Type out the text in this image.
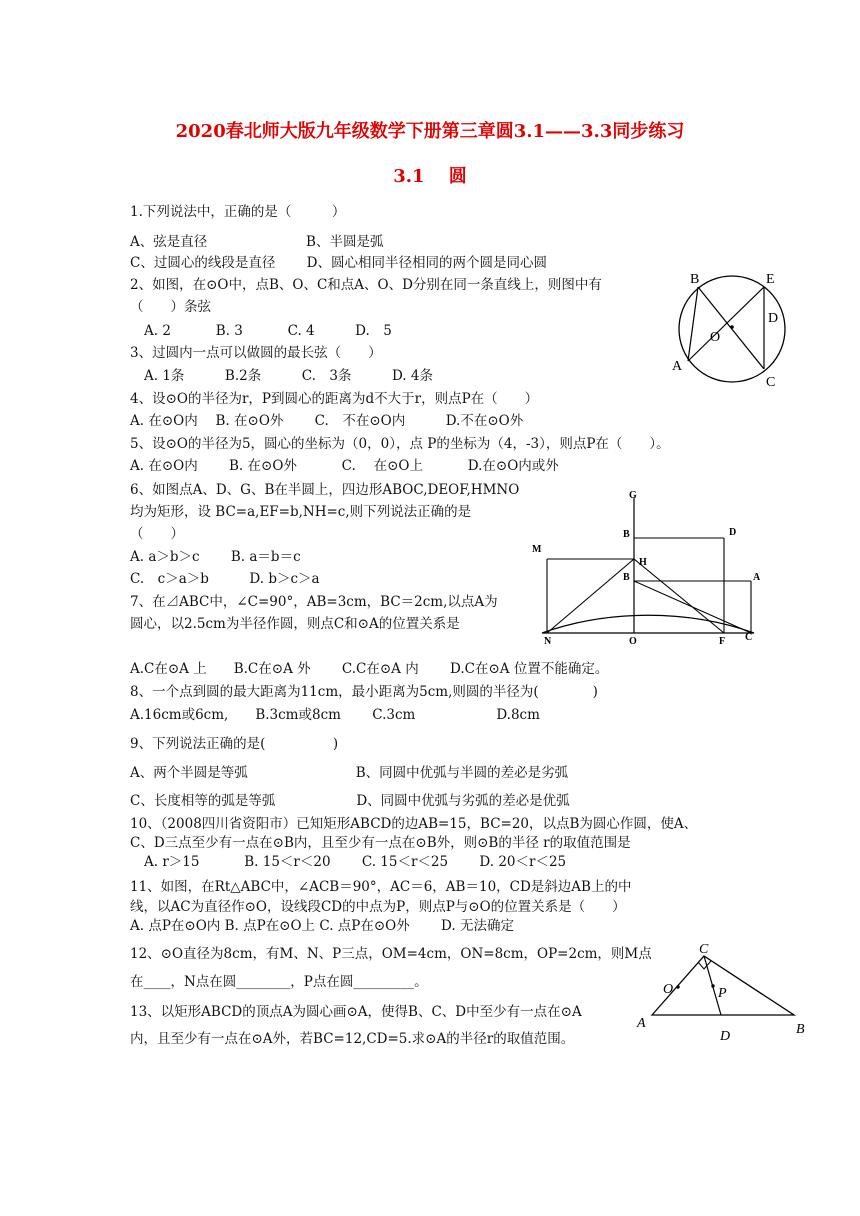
2020春北师大版九年级数学下册第三章圆3.1——3.3同步练习
3.1　 圆
1.下列说法中，正确的是（　　　）
A、弦是直径　　　　　　　 B、半圆是弧
C、过圆心的线段是直径　　 D、圆心相同半径相同的两个圆是同心圆
2、如图，在⊙O中，点B、O、C和点A、O、D分别在同一条直线上，则图中有
（　　）条弦
A. 2　　　 B. 3　　　 C. 4　　　D.　5
3、过圆内一点可以做圆的最长弦（　　）
A. 1条　　　B.2条　　　C.　3条　　　D. 4条
4、设⊙O的半径为r，P到圆心的距离为d不大于r，则点P在（　　）
A. 在⊙O内　 B. 在⊙O外　　 C.　不在⊙O内　　　D.不在⊙O外
5、设⊙O的半径为5，圆心的坐标为（0，0），点 P的坐标为（4，-3），则点P在（　　）。
A. 在⊙O内　　 B. 在⊙O外　　　 C.　 在⊙O上　　　 D.在⊙O内或外
6、如图点A、D、G、B在半圆上，四边形ABOC,DEOF,HMNO
均为矩形，设 BC=a,EF=b,NH=c,则下列说法正确的是
（　　）
A. a＞b＞c　　 B. a＝b＝c
C.　c＞a＞b　　　D. b＞c＞a
7、在⊿ABC中，∠C=90°，AB=3cm，BC＝2cm,以点A为
圆心，以2.5cm为半径作圆，则点C和⊙A的位置关系是
A.C在⊙A 上　　B.C在⊙A 外　　 C.C在⊙A 内　　 D.C在⊙A 位置不能确定。
8、一个点到圆的最大距离为11cm，最小距离为5cm,则圆的半径为(　　　　)
A.16cm或6cm,　　B.3cm或8cm　　 C.3cm　　　　　　D.8cm
9、下列说法正确的是(　　　　　)
A、两个半圆是等弧　　　　　　　　B、同圆中优弧与半圆的差必是劣弧
C、长度相等的弧是等弧　　　　　　D、同圆中优弧与劣弧的差必是优弧
10、（2008四川省资阳市）已知矩形ABCD的边AB=15，BC=20，以点B为圆心作圆，使A、
C、D三点至少有一点在⊙B内，且至少有一点在⊙B外，则⊙B的半径 r的取值范围是
A. r＞15　　　 B. 15＜r＜20　　 C. 15＜r＜25　　 D. 20＜r＜25
11、如图，在Rt△ABC中，∠ACB＝90°，AC＝6，AB＝10，CD是斜边AB上的中
线，以AC为直径作⊙O，设线段CD的中点为P，则点P与⊙O的位置关系是（　　）
A. 点P在⊙O内 B. 点P在⊙O上 C. 点P在⊙O外　　 D. 无法确定
12、⊙O直径为8cm，有M、N、P三点，OM=4cm，ON=8cm，OP=2cm，则M点
在____，N点在圆________，P点在圆_________。
13、以矩形ABCD的顶点A为圆心画⊙A，使得B、C、D中至少有一点在⊙A
内，且至少有一点在⊙A外，若BC=12,CD=5.求⊙A的半径r的取值范围。
B	E
D
O
A
C
G
D
B
H
M
B	A
N	O	F C
C
O	P
A
D	B
